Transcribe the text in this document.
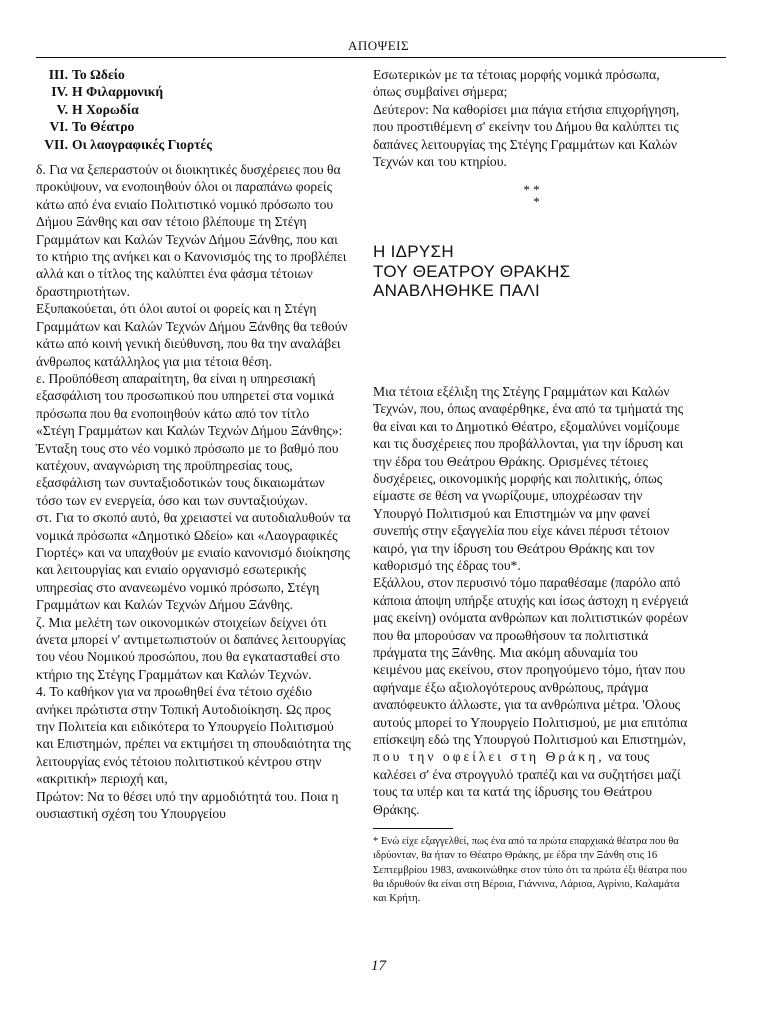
ΑΠΟΨΕΙΣ
III. Το Ωδείο
IV. Η Φιλαρμονική
V. Η Χορωδία
VI. Το Θέατρο
VII. Οι λαογραφικές Γιορτές

δ. Για να ξεπεραστούν οι διοικητικές δυσχέρειες που θα προκύψουν, να ενοποιηθούν όλοι οι παραπάνω φορείς κάτω από ένα ενιαίο Πολιτιστικό νομικό πρόσωπο του Δήμου Ξάνθης και σαν τέτοιο βλέπουμε τη Στέγη Γραμμάτων και Καλών Τεχνών Δήμου Ξάνθης, που και το κτήριο της ανήκει και ο Κανονισμός της το προβλέπει αλλά και ο τίτλος της καλύπτει ένα φάσμα τέτοιων δραστηριοτήτων.

Εξυπακούεται, ότι όλοι αυτοί οι φορείς και η Στέγη Γραμμάτων και Καλών Τεχνών Δήμου Ξάνθης θα τεθούν κάτω από κοινή γενική διεύθυνση, που θα την αναλάβει άνθρωπος κατάλληλος για μια τέτοια θέση.

ε. Προϋπόθεση απαραίτητη, θα είναι η υπηρεσιακή εξασφάλιση του προσωπικού που υπηρετεί στα νομικά πρόσωπα που θα ενοποιηθούν κάτω από τον τίτλο «Στέγη Γραμμάτων και Καλών Τεχνών Δήμου Ξάνθης»: Ένταξη τους στο νέο νομικό πρόσωπο με το βαθμό που κατέχουν, αναγνώριση της προϋπηρεσίας τους, εξασφάλιση των συνταξιοδοτικών τους δικαιωμάτων τόσο των εν ενεργεία, όσο και των συνταξιούχων.

στ. Για το σκοπό αυτό, θα χρειαστεί να αυτοδιαλυθούν τα νομικά πρόσωπα «Δημοτικό Ωδείο» και «Λαογραφικές Γιορτές» και να υπαχθούν με ενιαίο κανονισμό διοίκησης και λειτουργίας και ενιαίο οργανισμό εσωτερικής υπηρεσίας στο ανανεωμένο νομικό πρόσωπο, Στέγη Γραμμάτων και Καλών Τεχνών Δήμου Ξάνθης.

ζ. Μια μελέτη των οικονομικών στοιχείων δείχνει ότι άνετα μπορεί ν' αντιμετωπιστούν οι δαπάνες λειτουργίας του νέου Νομικού προσώπου, που θα εγκατασταθεί στο κτήριο της Στέγης Γραμμάτων και Καλών Τεχνών.

4. Το καθήκον για να προωθηθεί ένα τέτοιο σχέδιο ανήκει πρώτιστα στην Τοπική Αυτοδιοίκηση. Ως προς την Πολιτεία και ειδικότερα το Υπουργείο Πολιτισμού και Επιστημών, πρέπει να εκτιμήσει τη σπουδαιότητα της λειτουργίας ενός τέτοιου πολιτιστικού κέντρου στην «ακριτική» περιοχή και,

Πρώτον: Να το θέσει υπό την αρμοδιότητά του. Ποια η ουσιαστική σχέση του Υπουργείου

Εσωτερικών με τα τέτοιας μορφής νομικά πρόσωπα, όπως συμβαίνει σήμερα;

Δεύτερον: Να καθορίσει μια πάγια ετήσια επιχορήγηση, που προστιθέμενη σ' εκείνην του Δήμου θα καλύπτει τις δαπάνες λειτουργίας της Στέγης Γραμμάτων και Καλών Τεχνών και του κτηρίου.

* *
*
Η ΙΔΡΥΣΗ
ΤΟΥ ΘΕΑΤΡΟΥ ΘΡΑΚΗΣ
ΑΝΑΒΛΗΘΗΚΕ ΠΑΛΙ

Μια τέτοια εξέλιξη της Στέγης Γραμμάτων και Καλών Τεχνών, που, όπως αναφέρθηκε, ένα από τα τμήματά της θα είναι και το Δημοτικό Θέατρο, εξομαλύνει νομίζουμε και τις δυσχέρειες που προβάλλονται, για την ίδρυση και την έδρα του Θεάτρου Θράκης. Ορισμένες τέτοιες δυσχέρειες, οικονομικής μορφής και πολιτικής, όπως είμαστε σε θέση να γνωρίζουμε, υποχρέωσαν την Υπουργό Πολιτισμού και Επιστημών να μην φανεί συνεπής στην εξαγγελία που είχε κάνει πέρυσι τέτοιον καιρό, για την ίδρυση του Θεάτρου Θράκης και τον καθορισμό της έδρας του*.

Εξάλλου, στον περυσινό τόμο παραθέσαμε (παρόλο από κάποια άποψη υπήρξε ατυχής και ίσως άστοχη η ενέργειά μας εκείνη) ονόματα ανθρώπων και πολιτιστικών φορέων που θα μπορούσαν να προωθήσουν τα πολιτιστικά πράγματα της Ξάνθης. Μια ακόμη αδυναμία του κειμένου μας εκείνου, στον προηγούμενο τόμο, ήταν που αφήναμε έξω αξιολογότερους ανθρώπους, πράγμα αναπόφευκτο άλλωστε, για τα ανθρώπινα μέτρα. 'Ολους αυτούς μπορεί το Υπουργείο Πολιτισμού, με μια επιτόπια επίσκεψη εδώ της Υπουργού Πολιτισμού και Επιστημών, που την οφείλει στη Θράκη, να τους καλέσει σ' ένα στρογγυλό τραπέζι και να συζητήσει μαζί τους τα υπέρ και τα κατά της ίδρυσης του Θεάτρου Θράκης.

* Ενώ είχε εξαγγελθεί, πως ένα από τα πρώτα επαρχιακά θέατρα που θα ιδρύονταν, θα ήταν το Θέατρο Θράκης, με έδρα την Ξάνθη στις 16 Σεπτεμβρίου 1983, ανακοινώθηκε στον τύπο ότι τα πρώτα έξι θέατρα που θα ιδρυθούν θα είναι στη Βέροια, Γιάννινα, Λάρισα, Αγρίνιο, Καλαμάτα και Κρήτη.

17
